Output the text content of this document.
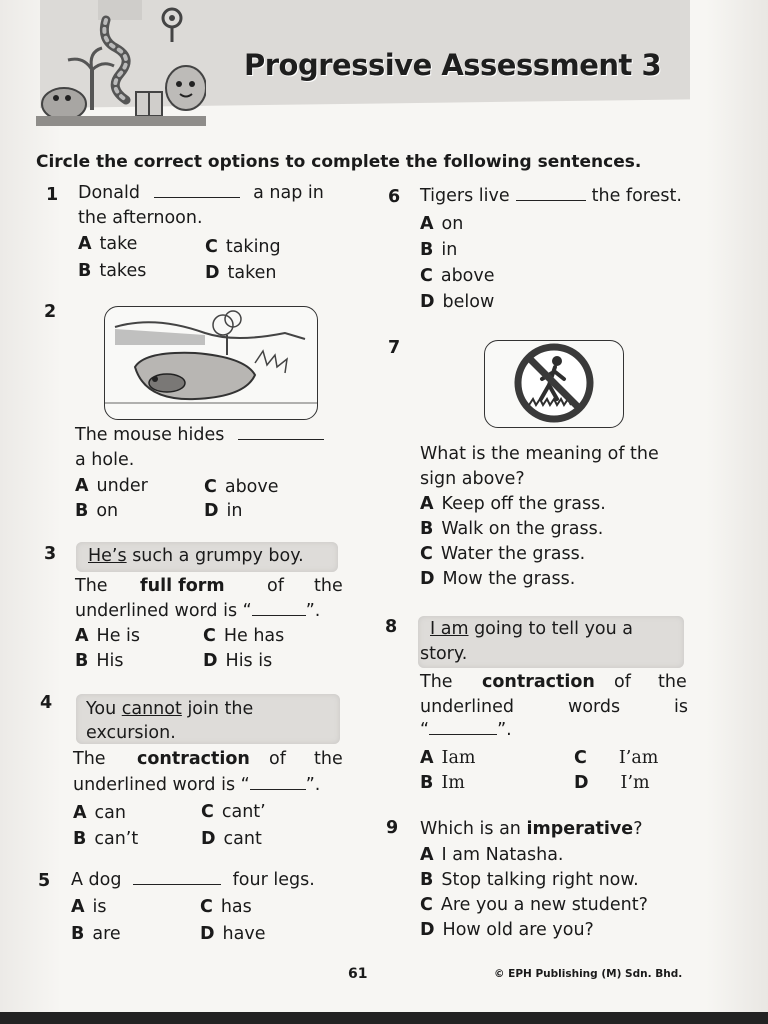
Progressive Assessment 3
Circle the correct options to complete the following sentences.
1 Donald	a nap in
the afternoon.
A take	C taking
B takes	D taken
2
The mouse hides
a hole.
A under	C above
B on	D in
3 He’s such a grumpy boy.
The full form of the
underlined word is “	”.
A He is	C He has
B His	D His is
4 You cannot join the
excursion.
The contraction of the
underlined word is “	”.
A can	C cant’
B can’t	D cant
5 A dog	four legs.
A is	C has
B are	D have
6 Tigers live	the forest.
A on
B in
C above
D below
7
What is the meaning of the
sign above?
A Keep off the grass.
B Walk on the grass.
C Water the grass.
D Mow the grass.
8 I am going to tell you a
story.
The contraction of the
underlined	words	is
“	”.
A Iam	C I’am
B Im	D I’m
9 Which is an imperative?
A I am Natasha.
B Stop talking right now.
C Are you a new student?
D How old are you?
61	© EPH Publishing (M) Sdn. Bhd.
